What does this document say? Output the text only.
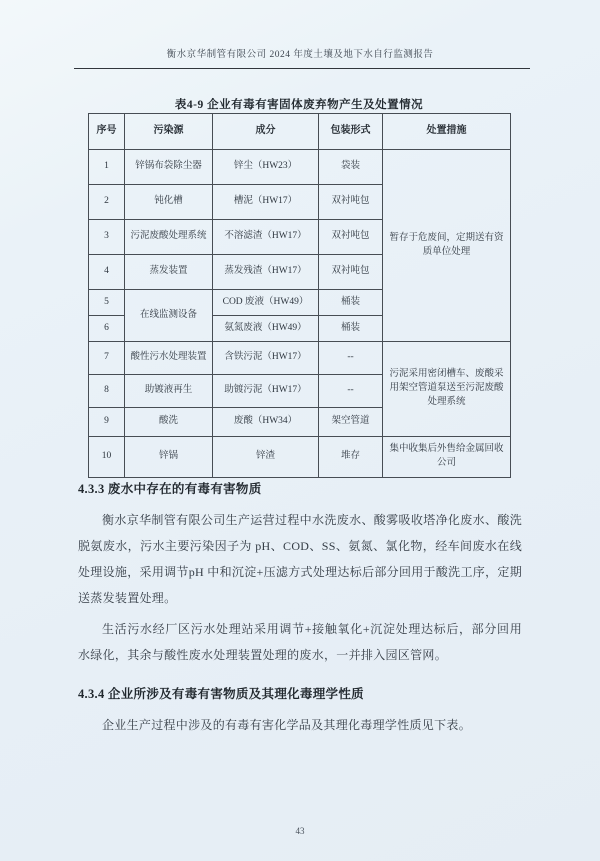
衡水京华制管有限公司 2024 年度土壤及地下水自行监测报告
表4-9 企业有毒有害固体废弃物产生及处置情况
序号	污染源	成分	包装形式	处置措施
1	锌锅布袋除尘器	锌尘（HW23）	袋装	暂存于危废间，定期送有资质单位处理
2	钝化槽	槽泥（HW17）	双衬吨包	
3	污泥废酸处理系统	不溶滤渣（HW17）	双衬吨包	
4	蒸发装置	蒸发残渣（HW17）	双衬吨包	
5	在线监测设备	COD 废液（HW49）	桶装	
6		氨氮废液（HW49）	桶装	
7	酸性污水处理装置	含铁污泥（HW17）	--	污泥采用密闭槽车、废酸采用架空管道泵送至污泥废酸处理系统
8	助镀液再生	助镀污泥（HW17）	--	
9	酸洗	废酸（HW34）	架空管道	
10	锌锅	锌渣	堆存	集中收集后外售给金属回收公司
4.3.3 废水中存在的有毒有害物质

衡水京华制管有限公司生产运营过程中水洗废水、酸雾吸收塔净化废水、酸洗脱氨废水，污水主要污染因子为 pH、COD、SS、氨氮、氯化物，经车间废水在线处理设施，采用调节pH 中和沉淀+压滤方式处理达标后部分回用于酸洗工序，定期送蒸发装置处理。

生活污水经厂区污水处理站采用调节+接触氧化+沉淀处理达标后，部分回用水绿化，其余与酸性废水处理装置处理的废水，一并排入园区管网。

4.3.4 企业所涉及有毒有害物质及其理化毒理学性质

企业生产过程中涉及的有毒有害化学品及其理化毒理学性质见下表。

43
